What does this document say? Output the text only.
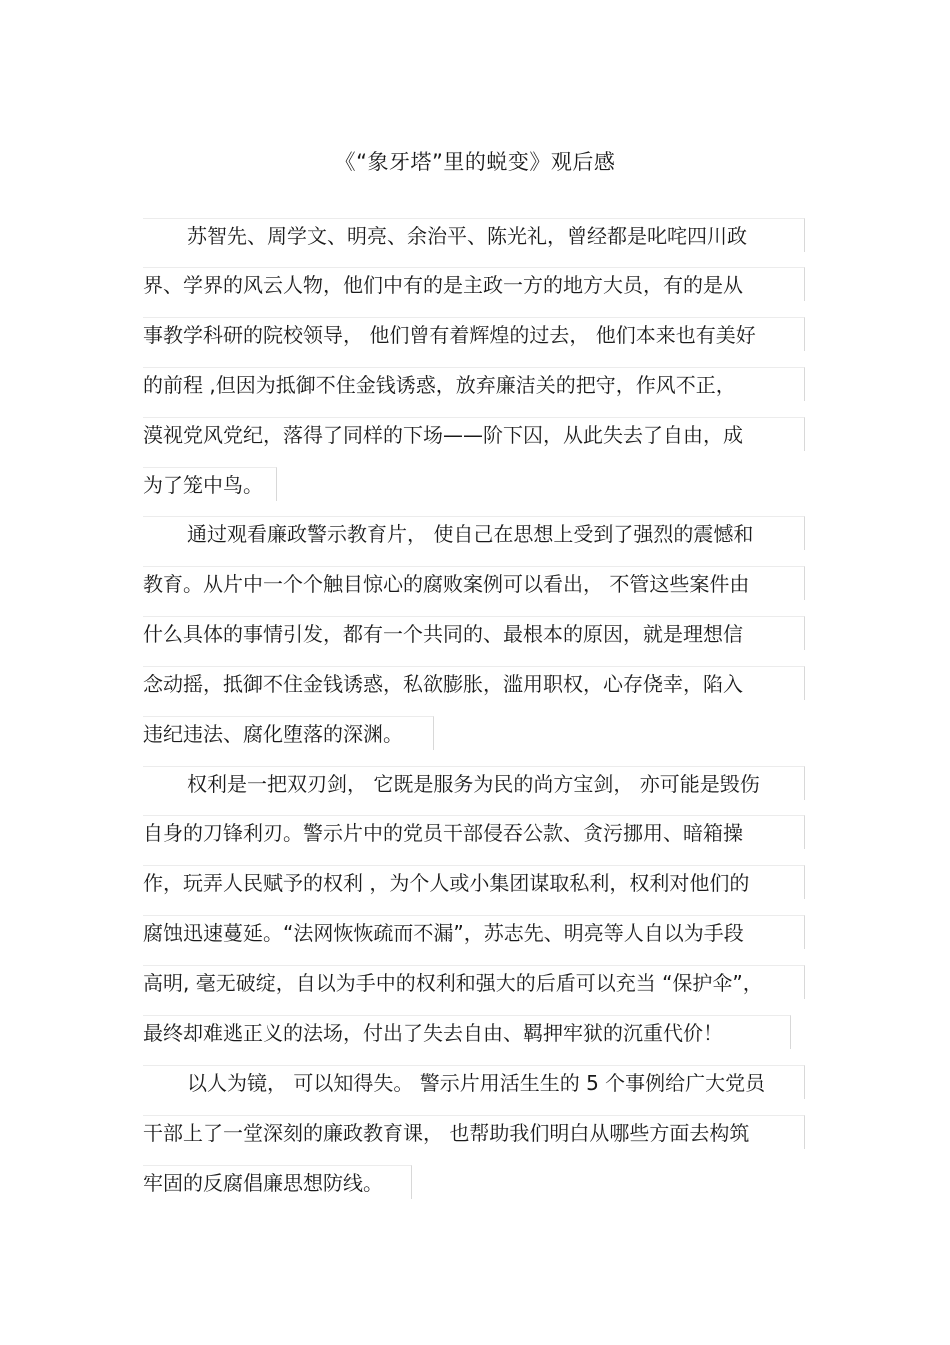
《“象牙塔”里的蜕变》观后感
苏智先、周学文、明亮、余治平、陈光礼，曾经都是叱咤四川政
界、学界的风云人物，他们中有的是主政一方的地方大员，有的是从
事教学科研的院校领导， 他们曾有着辉煌的过去， 他们本来也有美好
的前程 ,但因为抵御不住金钱诱惑，放弃廉洁关的把守，作风不正，
漠视党风党纪，落得了同样的下场——阶下囚，从此失去了自由，成
为了笼中鸟。
通过观看廉政警示教育片， 使自己在思想上受到了强烈的震憾和
教育。从片中一个个触目惊心的腐败案例可以看出， 不管这些案件由
什么具体的事情引发，都有一个共同的、最根本的原因，就是理想信
念动摇，抵御不住金钱诱惑，私欲膨胀，滥用职权，心存侥幸，陷入
违纪违法、腐化堕落的深渊。
权利是一把双刃剑， 它既是服务为民的尚方宝剑， 亦可能是毁伤
自身的刀锋利刃。警示片中的党员干部侵吞公款、贪污挪用、暗箱操
作，玩弄人民赋予的权利 ，为个人或小集团谋取私利，权利对他们的
腐蚀迅速蔓延。“法网恢恢疏而不漏”，苏志先、明亮等人自以为手段
高明, 毫无破绽，自以为手中的权利和强大的后盾可以充当 “保护伞”，
最终却难逃正义的法场，付出了失去自由、羁押牢狱的沉重代价！
以人为镜， 可以知得失。 警示片用活生生的 5 个事例给广大党员
干部上了一堂深刻的廉政教育课， 也帮助我们明白从哪些方面去构筑
牢固的反腐倡廉思想防线。
